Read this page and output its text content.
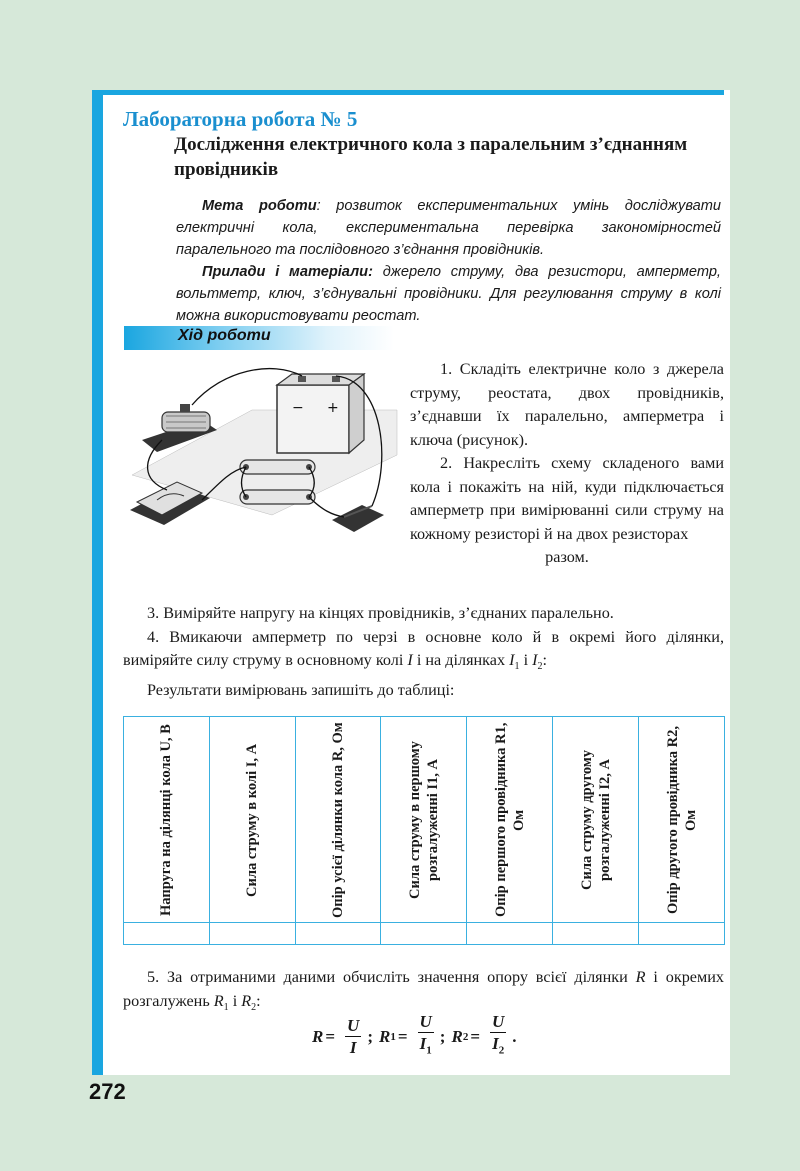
Лабораторна робота № 5
Дослідження електричного кола з паралельним з’єднанням провідників

Мета роботи: розвиток експериментальних умінь досліджувати електричні кола, експериментальна перевірка закономірностей паралельного та послідовного з’єднання провідників.

Прилади і матеріали: джерело струму, два резистори, амперметр, вольтметр, ключ, з’єднувальні провідники. Для регулювання струму в колі можна використовувати реостат.

Хід роботи
− +

1. Складіть електричне коло з джерела струму, реостата, двох провідників, з’єднавши їх паралельно, амперметра і ключа (рисунок).

2. Накресліть схему складеного вами кола і покажіть на ній, куди підключається амперметр при вимірюванні сили струму на кожному резисторі й на двох резисторах

разом.

3. Виміряйте напругу на кінцях провідників, з’єднаних паралельно.

4. Вмикаючи амперметр по черзі в основне коло й в окремі його ділянки, виміряйте силу струму в основному колі I і на ділянках $I_1$ і $I_2$:

Результати вимірювань запишіть до таблиці:

Напруга на ділянці кола U, В	Сила струму в колі I, А	Опір усієї ділянки кола R, Ом	Сила струму в першому розгалуженні I1, А	Опір першого провідника R1, Ом	Сила струму другому розгалуженні I2, А	Опір другого провідника R2, Ом

5. За отриманими даними обчисліть значення опору всієї ділянки R і окремих розгалужень $R_1$ і $R_2$:

$R = \frac{U}{I}$ ; R $1 = \frac{U}{I_1}$ ; R $2 = \frac{U}{I_2}$ .
272
